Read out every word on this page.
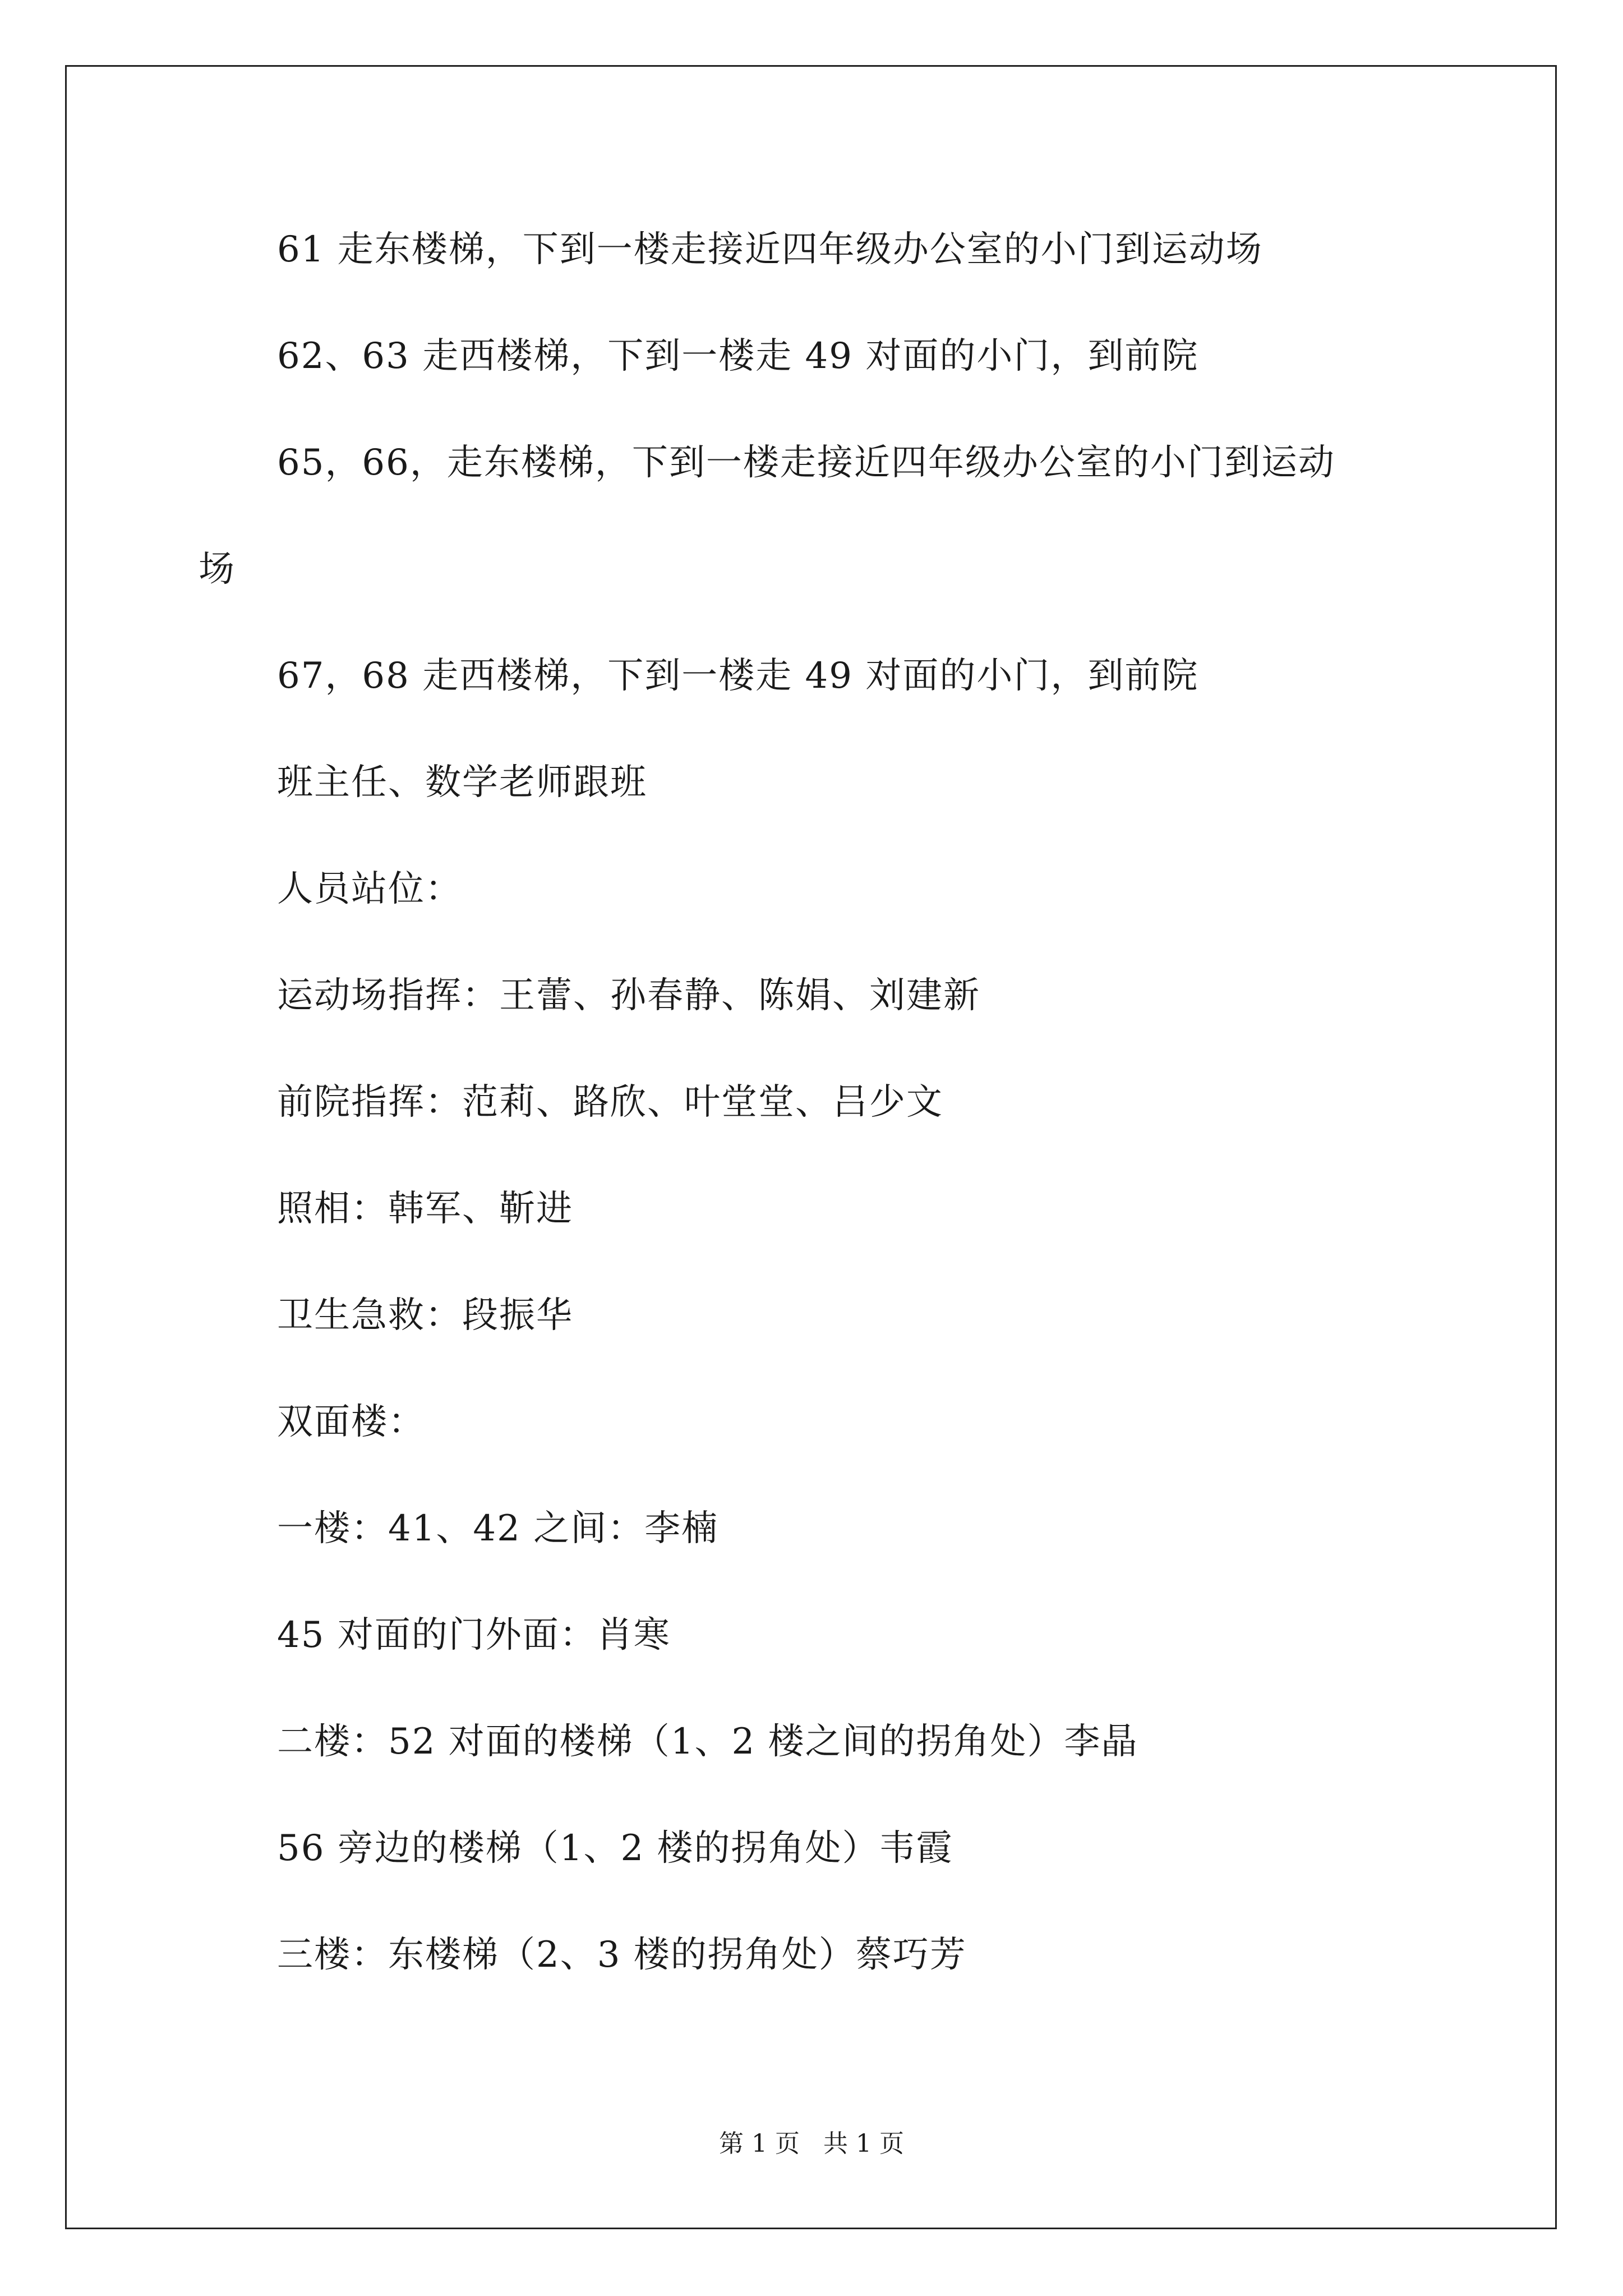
61 走东楼梯，下到一楼走接近四年级办公室的小门到运动场
62、63 走西楼梯，下到一楼走 49 对面的小门，到前院
65，66，走东楼梯，下到一楼走接近四年级办公室的小门到运动
场
67，68 走西楼梯，下到一楼走 49 对面的小门，到前院
班主任、数学老师跟班
人员站位：
运动场指挥：王蕾、孙春静、陈娟、刘建新
前院指挥：范莉、路欣、叶堂堂、吕少文
照相：韩军、靳进
卫生急救：段振华
双面楼：
一楼：41、42 之间：李楠
45 对面的门外面：肖寒
二楼：52 对面的楼梯（1、2 楼之间的拐角处）李晶
56 旁边的楼梯（1、2 楼的拐角处）韦霞
三楼：东楼梯（2、3 楼的拐角处）蔡巧芳
第 1 页   共 1 页
